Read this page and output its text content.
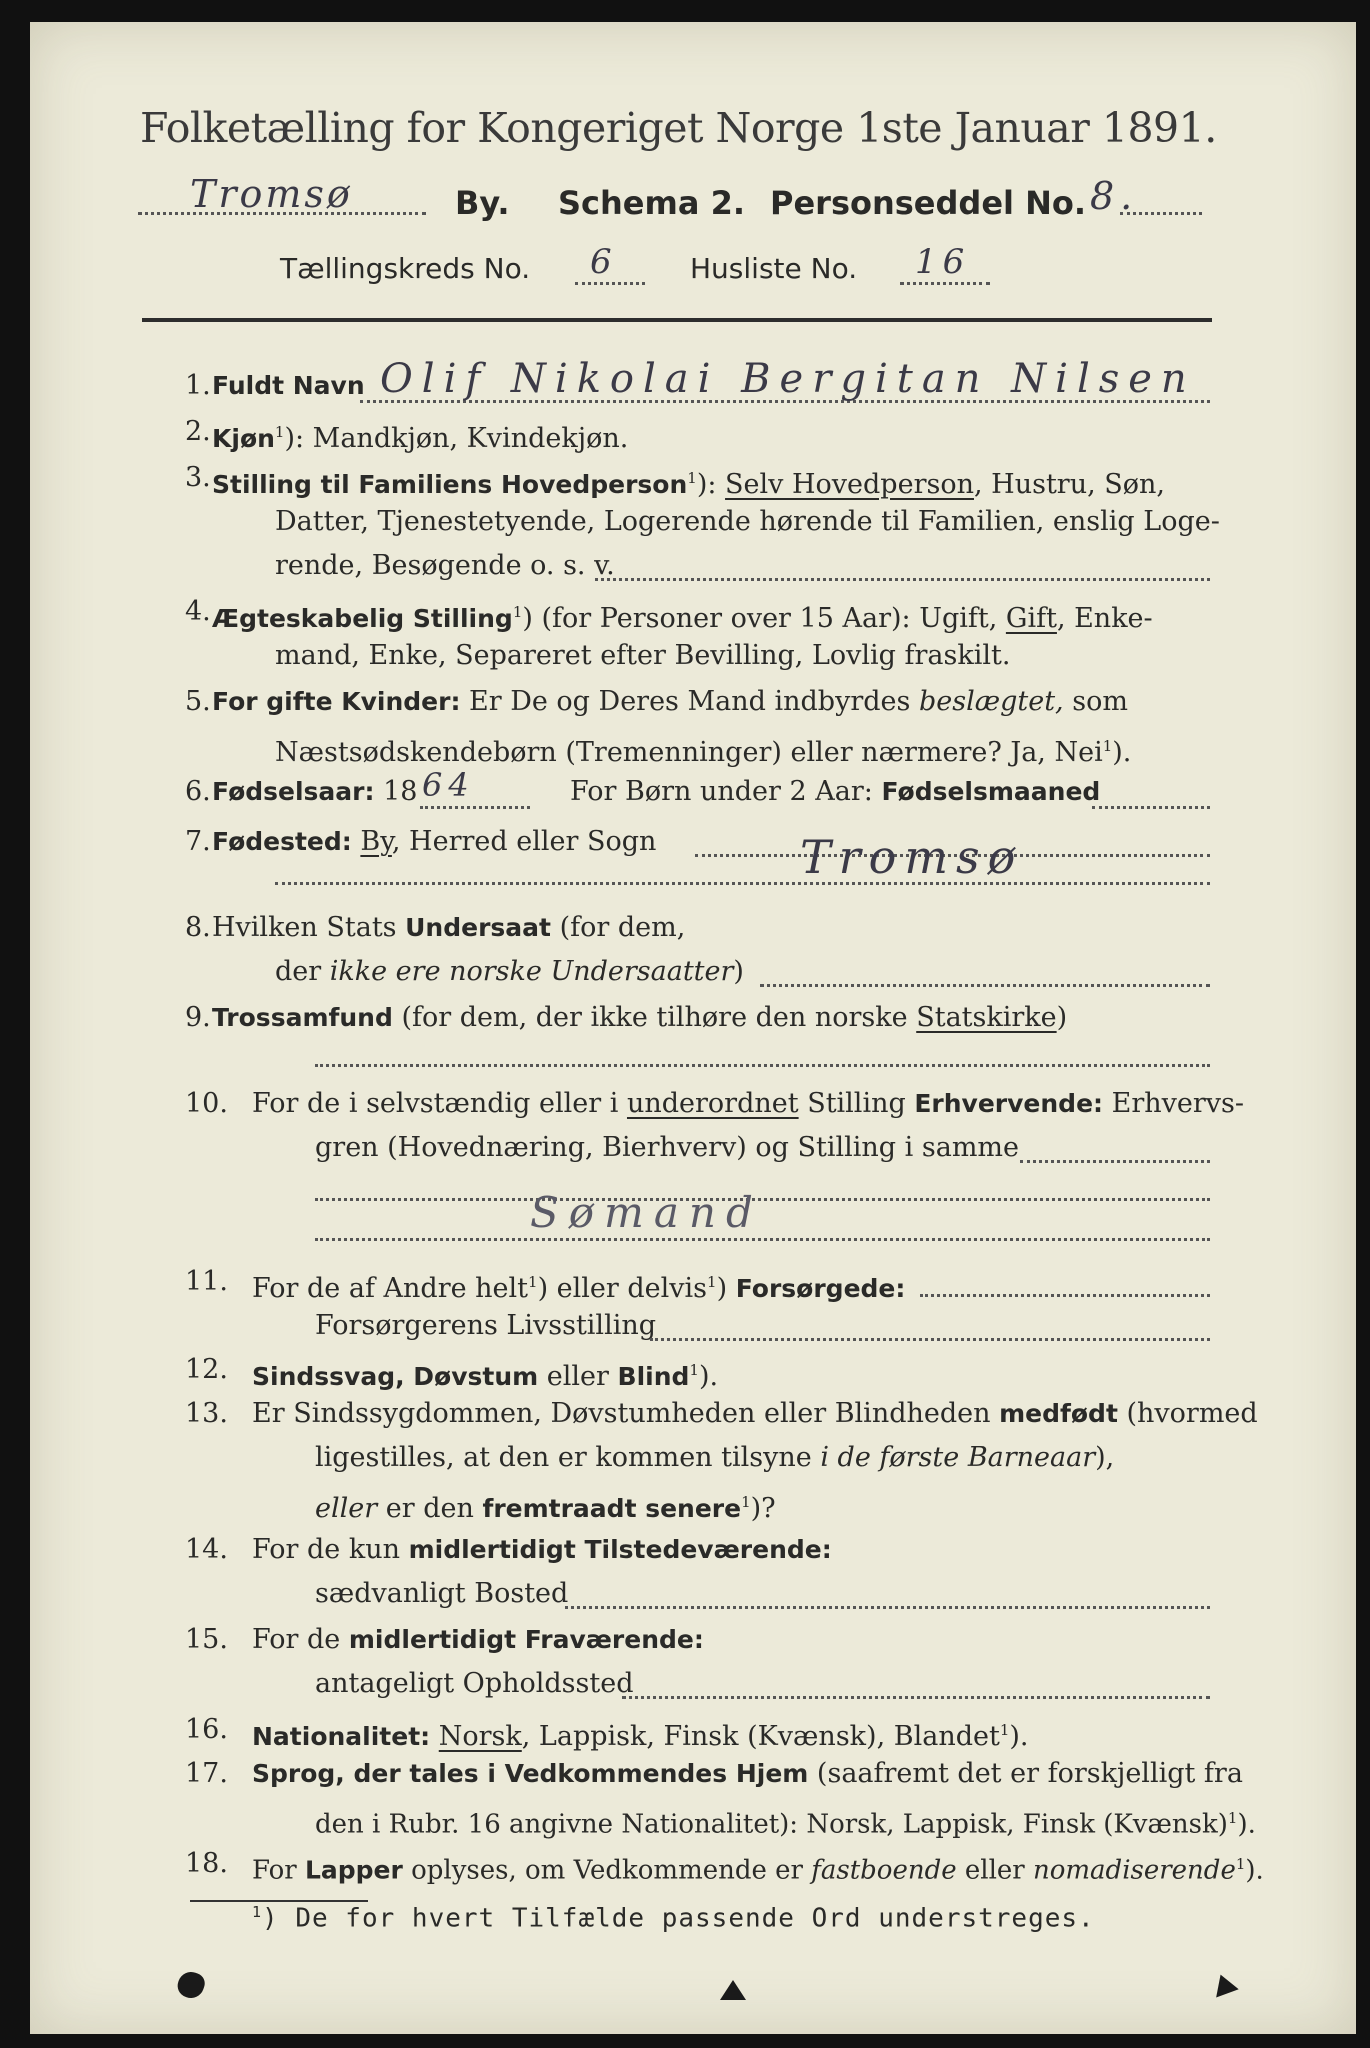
Folketælling for Kongeriget Norge 1ste Januar 1891.
Tromsø	By. Schema 2. Personseddel No. 8.
Tællingskreds No. 6	Husliste No. 16
1. Fuldt Navn Olif Nikolai Bergitan Nilsen
2. Kjøn$^1$): Mandkjøn, Kvindekjøn.
3. Stilling til Familiens Hovedperson$^1$): Selv Hovedperson, Hustru, Søn,
Datter, Tjenestetyende, Logerende hørende til Familien, enslig Loge-
rende, Besøgende o. s. v.
4. Ægteskabelig Stilling$^1$) (for Personer over 15 Aar): Ugift, Gift, Enke-
mand, Enke, Separeret efter Bevilling, Lovlig fraskilt.
5. For gifte Kvinder: Er De og Deres Mand indbyrdes beslægtet, som
Næstsødskendebørn (Tremenninger) eller nærmere? Ja, Nei$^1$).
6. Fødselsaar: 18 64	For Børn under 2 Aar: Fødselsmaaned
7. Fødested: By, Herred eller Sogn	Tromsø
8. Hvilken Stats Undersaat (for dem,
der ikke ere norske Undersaatter)
9. Trossamfund (for dem, der ikke tilhøre den norske Statskirke)
10. For de i selvstændig eller i underordnet Stilling Erhvervende: Erhvervs-
gren (Hovednæring, Bierhverv) og Stilling i samme
Sømand
11. For de af Andre helt$^1$) eller delvis$^1$) Forsørgede:
Forsørgerens Livsstilling
12. Sindssvag, Døvstum eller Blind$^1$).
13. Er Sindssygdommen, Døvstumheden eller Blindheden medfødt (hvormed
ligestilles, at den er kommen tilsyne i de første Barneaar),
eller er den fremtraadt senere$^1$)?
14. For de kun midlertidigt Tilstedeværende:
sædvanligt Bosted
15. For de midlertidigt Fraværende:
antageligt Opholdssted
16. Nationalitet: Norsk, Lappisk, Finsk (Kvænsk), Blandet$^1$).
17. Sprog, der tales i Vedkommendes Hjem (saafremt det er forskjelligt fra
den i Rubr. 16 angivne Nationalitet): Norsk, Lappisk, Finsk (Kvænsk)$^1$).
18. For Lapper oplyses, om Vedkommende er fastboende eller nomadiserende$^1$).
$^1$) De for hvert Tilfælde passende Ord understreges.
